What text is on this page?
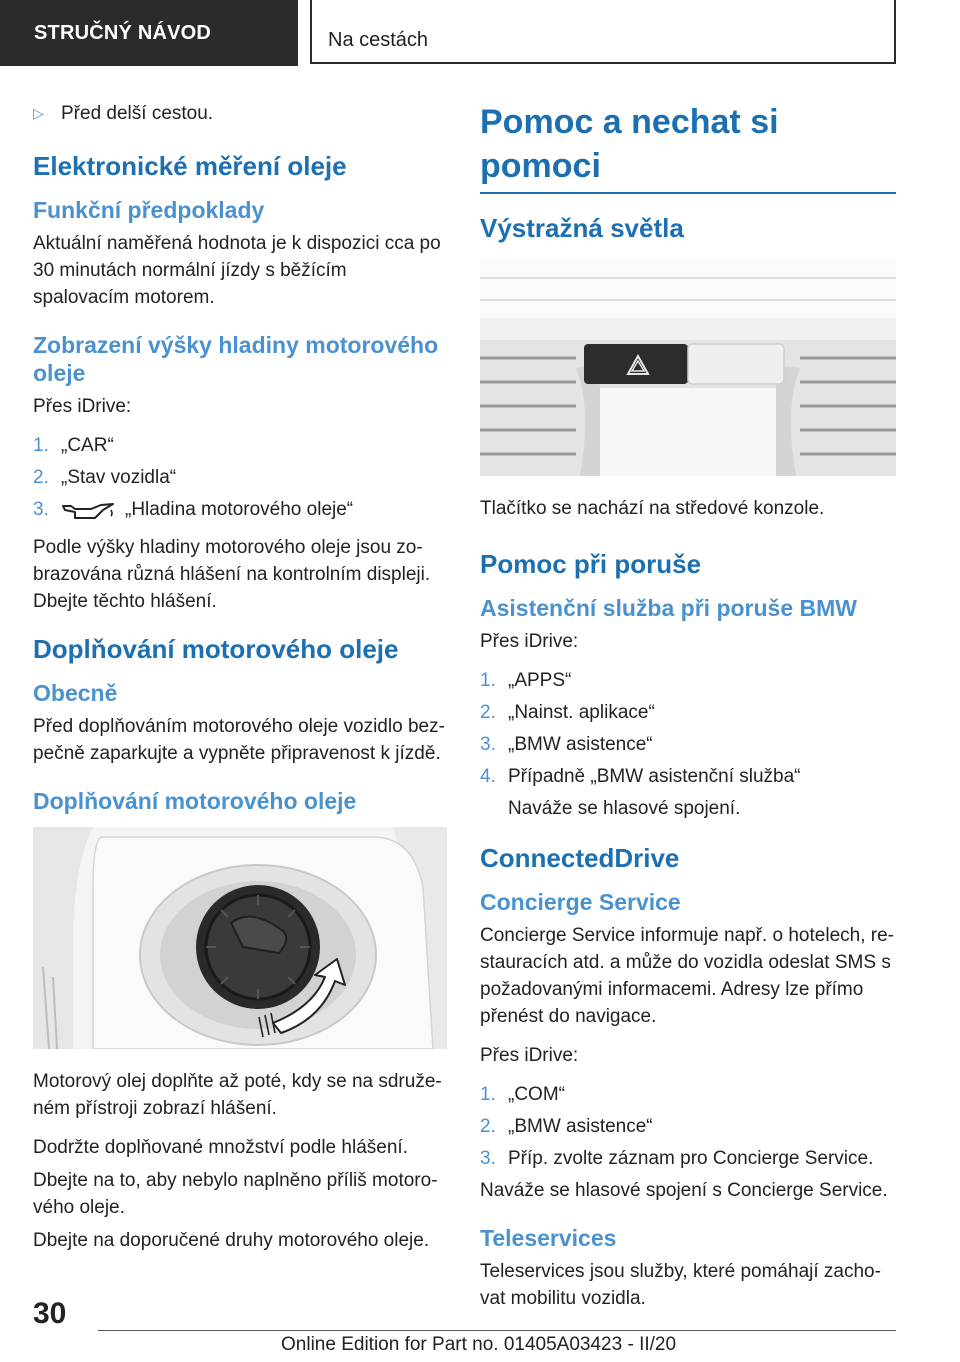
STRUČNÝ NÁVOD	Na cestách
▷ Před delší cestou.
Elektronické měření oleje
Funkční předpoklady

Aktuální naměřená hodnota je k dispozici cca po 30 minutách normální jízdy s běžícím spalovacím motorem.

Zobrazení výšky hladiny motorového oleje

Přes iDrive:

1. „CAR“
2. „Stav vozidla“
3.	„Hladina motorového oleje“

Podle výšky hladiny motorového oleje jsou zo-brazována různá hlášení na kontrolním displeji. Dbejte těchto hlášení.

Doplňování motorového oleje
Obecně

Před doplňováním motorového oleje vozidlo bez-pečně zaparkujte a vypněte připravenost k jízdě.

Doplňování motorového oleje

Motorový olej doplňte až poté, kdy se na sdruže-ném přístroji zobrazí hlášení.

Dodržte doplňované množství podle hlášení.

Dbejte na to, aby nebylo naplněno příliš motoro-vého oleje.

Dbejte na doporučené druhy motorového oleje.

Pomoc a nechat si pomoci
Výstražná světla

Tlačítko se nachází na středové konzole.

Pomoc při poruše
Asistenční služba při poruše BMW

Přes iDrive:

1. „APPS“
2. „Nainst. aplikace“
3. „BMW asistence“
4. Případně „BMW asistenční služba“
Naváže se hlasové spojení.
ConnectedDrive
Concierge Service

Concierge Service informuje např. o hotelech, re-stauracích atd. a může do vozidla odeslat SMS s požadovanými informacemi. Adresy lze přímo přenést do navigace.

Přes iDrive:

1. „COM“
2. „BMW asistence“
3. Příp. zvolte záznam pro Concierge Service.

Naváže se hlasové spojení s Concierge Service.

Teleservices

Teleservices jsou služby, které pomáhají zacho-vat mobilitu vozidla.

30
Online Edition for Part no. 01405A03423 - II/20
